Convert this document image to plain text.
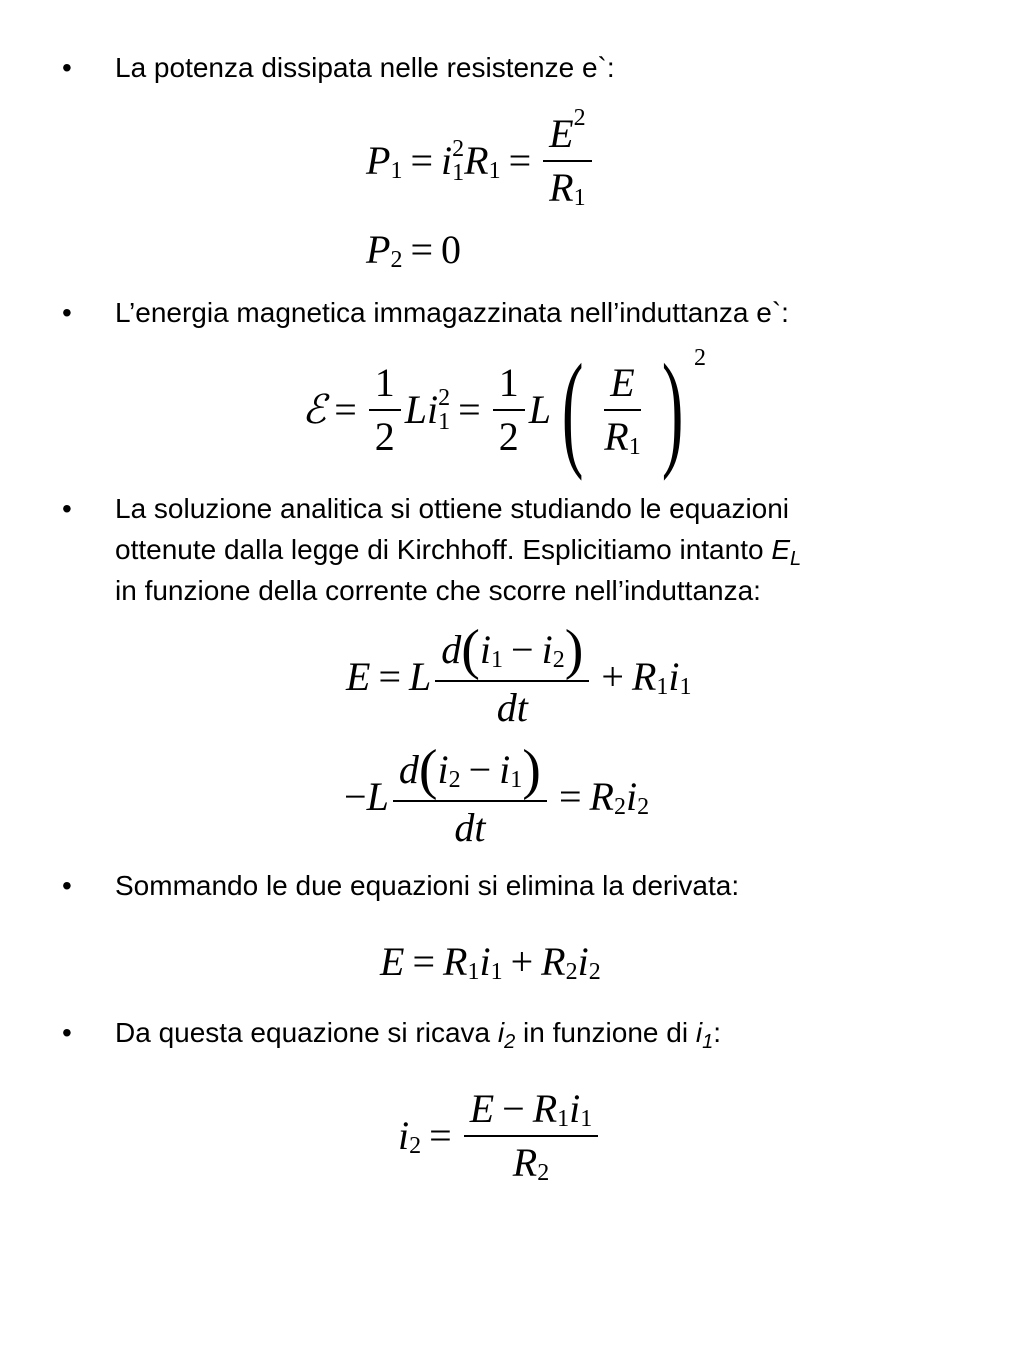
• La potenza dissipata nelle resistenze e`:
$P_1 = i$ 2
1 $R_1 = \frac{E^2}{R_1}$
$P_2 = 0$
• L’energia magnetica immagazzinata nell’induttanza e`:
ℰ = $\frac{1}{2}$ L i 2
$1 = \frac{1}{2}$ L ( $\frac{E}{R_1}$ ) 2
• La soluzione analitica si ottiene studiando le equazioni
ottenute dalla legge di Kirchhoff. Esplicitiamo intanto $E_L$
in funzione della corrente che scorre nell’induttanza:
E = L $\frac{d ( i_1 - i_2 )}{dt} + R_1$ $i_1$
− L $\frac{d ( i_2 - i_1 )}{dt} = R_2$ $i_2$
• Sommando le due equazioni si elimina la derivata:
$E = R_1$ $i_1 + R_2$ $i_2$
• Da questa equazione si ricava $i_2$ in funzione di $i_1$:
$i_2 = \frac{E - R_1 i_1}{R_2}$
